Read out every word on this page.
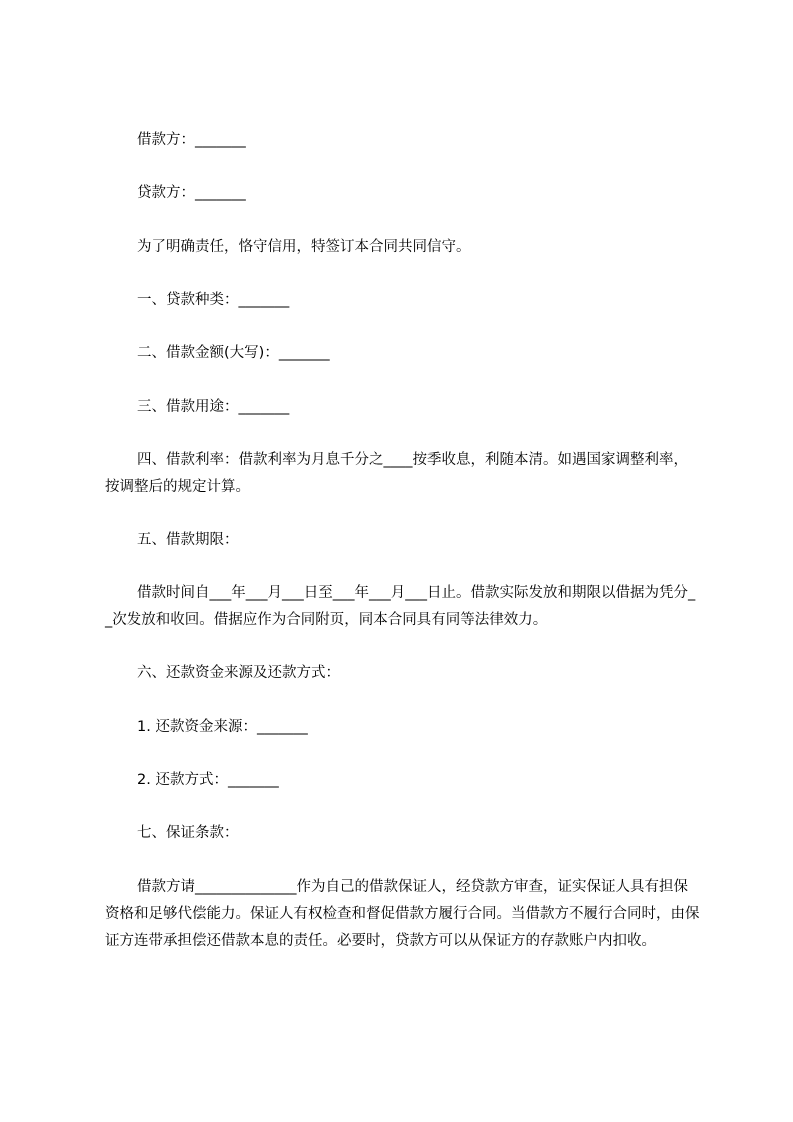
借款方：_______

贷款方：_______

为了明确责任，恪守信用，特签订本合同共同信守。

一、贷款种类：_______

二、借款金额(大写)：_______

三、借款用途：_______

四、借款利率：借款利率为月息千分之____按季收息，利随本清。如遇国家调整利率，按调整后的规定计算。

五、借款期限：

借款时间自___年___月___日至___年___月___日止。借款实际发放和期限以借据为凭分__次发放和收回。借据应作为合同附页，同本合同具有同等法律效力。

六、还款资金来源及还款方式：

1. 还款资金来源：_______

2. 还款方式：_______

七、保证条款：

借款方请______________作为自己的借款保证人，经贷款方审查，证实保证人具有担保资格和足够代偿能力。保证人有权检查和督促借款方履行合同。当借款方不履行合同时，由保证方连带承担偿还借款本息的责任。必要时，贷款方可以从保证方的存款账户内扣收。
